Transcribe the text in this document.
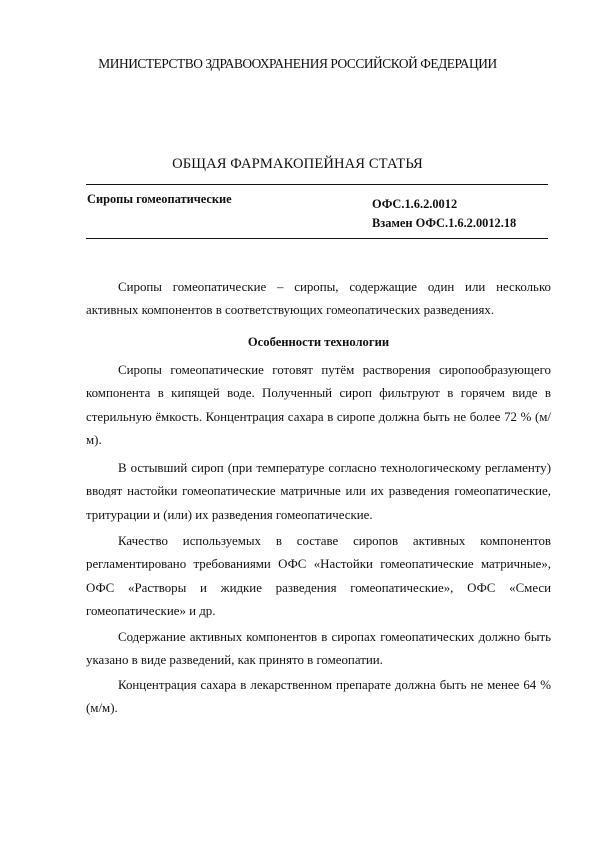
МИНИСТЕРСТВО ЗДРАВООХРАНЕНИЯ РОССИЙСКОЙ ФЕДЕРАЦИИ
ОБЩАЯ ФАРМАКОПЕЙНАЯ СТАТЬЯ
Сиропы гомеопатические	ОФС.1.6.2.0012
Взамен ОФС.1.6.2.0012.18

Сиропы гомеопатические – сиропы, содержащие один или несколько активных компонентов в соответствующих гомеопатических разведениях.

Особенности технологии

Сиропы гомеопатические готовят путём растворения сиропообразующего компонента в кипящей воде. Полученный сироп фильтруют в горячем виде в стерильную ёмкость. Концентрация сахара в сиропе должна быть не более 72 % (м/м).

В остывший сироп (при температуре согласно технологическому регламенту) вводят настойки гомеопатические матричные или их разведения гомеопатические, тритурации и (или) их разведения гомеопатические.

Качество используемых в составе сиропов активных компонентов регламентировано требованиями ОФС «Настойки гомеопатические матричные», ОФС «Растворы и жидкие разведения гомеопатические», ОФС «Смеси гомеопатические» и др.

Содержание активных компонентов в сиропах гомеопатических должно быть указано в виде разведений, как принято в гомеопатии.

Концентрация сахара в лекарственном препарате должна быть не менее 64 % (м/м).
